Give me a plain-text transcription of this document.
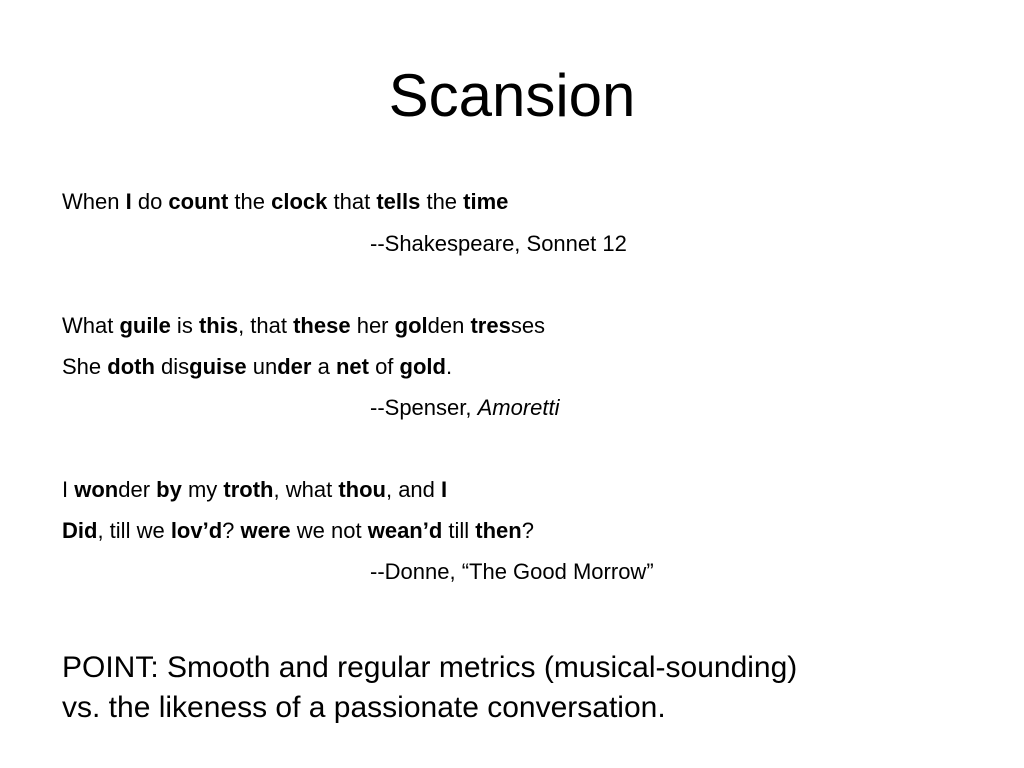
Scansion
When I do count the clock that tells the time
--Shakespeare, Sonnet 12
What guile is this, that these her golden tresses
She doth disguise under a net of gold.
--Spenser, Amoretti
I wonder by my troth, what thou, and I
Did, till we lov’d? were we not wean’d till then?
--Donne, “The Good Morrow”
POINT: Smooth and regular metrics (musical-sounding)
vs. the likeness of a passionate conversation.
